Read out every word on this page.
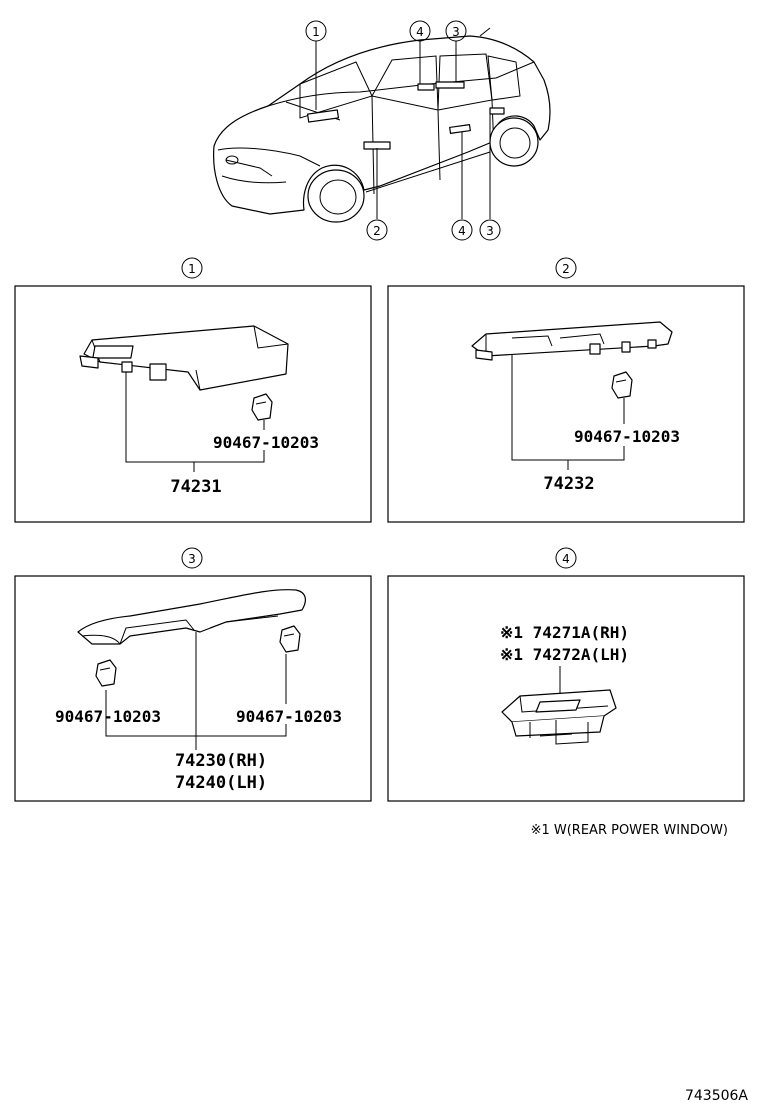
1	4 3
2	4 3
1
90467-10203
74231
2
90467-10203
74232
3
90467-10203	90467-10203
74230(RH)
74240(LH)
4
※1 74271A(RH)
※1 74272A(LH)
※1 W(REAR POWER WINDOW)
743506A
